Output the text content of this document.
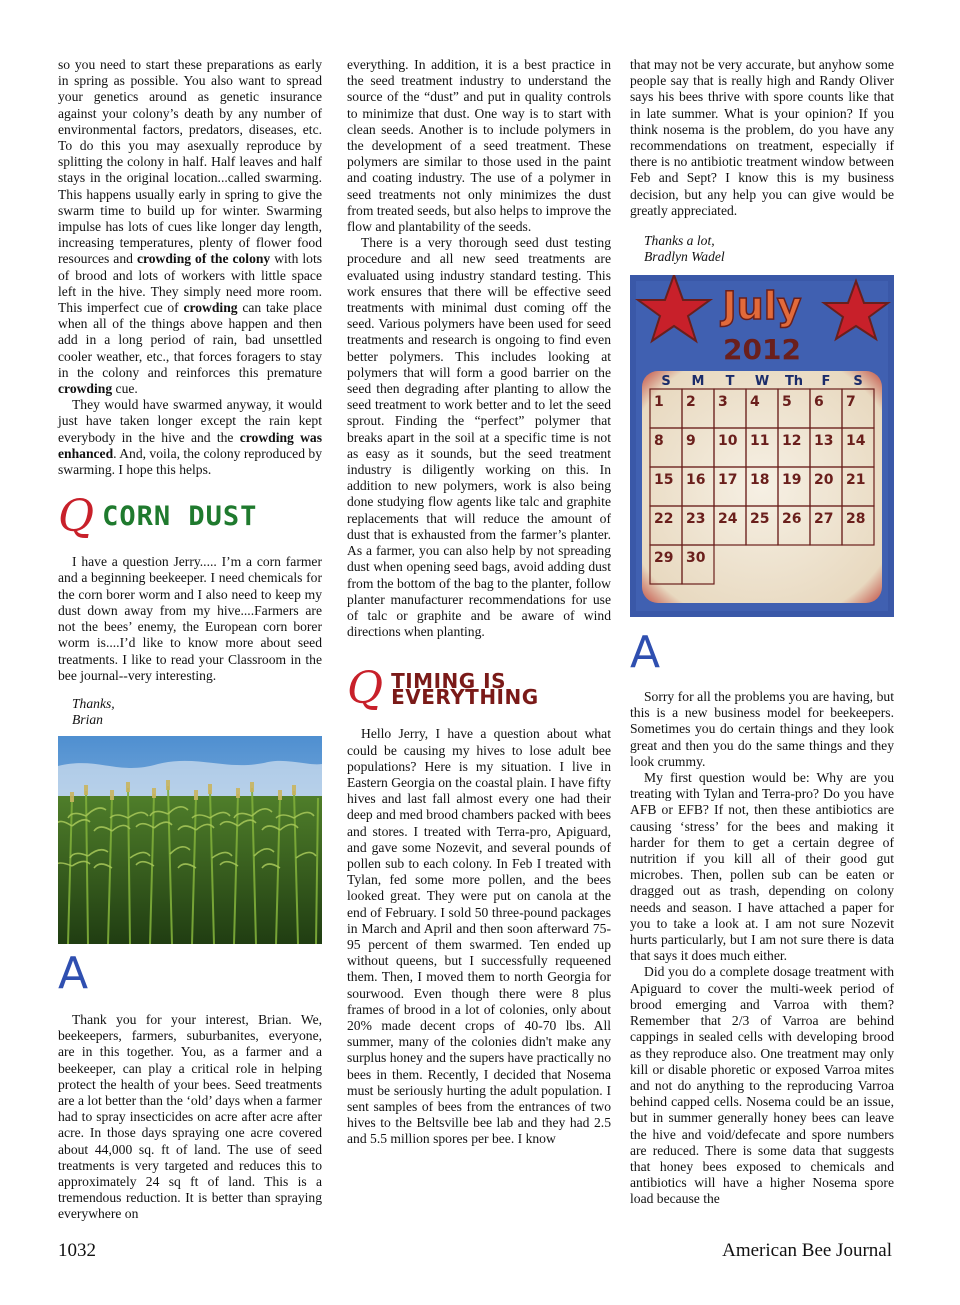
so you need to start these preparations as early in spring as possible. You also want to spread your genetics around as genetic insurance against your colony’s death by any number of environmental factors, predators, diseases, etc. To do this you may asexually reproduce by splitting the colony in half. Half leaves and half stays in the original location...called swarming. This happens usually early in spring to give the swarm time to build up for winter. Swarming impulse has lots of cues like longer day length, increasing temperatures, plenty of flower food resources and crowding of the colony with lots of brood and lots of workers with little space left in the hive. They simply need more room. This imperfect cue of crowding can take place when all of the things above happen and then add in a long period of rain, bad unsettled cooler weather, etc., that forces foragers to stay in the colony and reinforces this premature crowding cue.

They would have swarmed anyway, it would just have taken longer except the rain kept everybody in the hive and the crowding was enhanced. And, voila, the colony reproduced by swarming. I hope this helps.

Q CORN DUST

I have a question Jerry..... I’m a corn farmer and a beginning beekeeper. I need chemicals for the corn borer worm and I also need to keep my dust down away from my hive....Farmers are not the bees’ enemy, the European corn borer worm is....I’d like to know more about seed treatments. I like to read your Classroom in the bee journal--very interesting.

Thanks,

Brian

A

Thank you for your interest, Brian. We, beekeepers, farmers, suburbanites, everyone, are in this together. You, as a farmer and a beekeeper, can play a critical role in helping protect the health of your bees. Seed treatments are a lot better than the ‘old’ days when a farmer had to spray insecticides on acre after acre after acre. In those days spraying one acre covered about 44,000 sq. ft of land. The use of seed treatments is very targeted and reduces this to approximately 24 sq ft of land. This is a tremendous reduction. It is better than spraying everywhere on

everything. In addition, it is a best practice in the seed treatment industry to understand the source of the “dust” and put in quality controls to minimize that dust. One way is to start with clean seeds. Another is to include polymers in the development of a seed treatment. These polymers are similar to those used in the paint and coating industry. The use of a polymer in seed treatments not only minimizes the dust from treated seeds, but also helps to improve the flow and plantability of the seeds.

There is a very thorough seed dust testing procedure and all new seed treatments are evaluated using industry standard testing. This work ensures that there will be effective seed treatments with minimal dust coming off the seed. Various polymers have been used for seed treatments and research is ongoing to find even better polymers. This includes looking at polymers that will form a good barrier on the seed then degrading after planting to allow the seed treatment to work better and to let the seed sprout. Finding the “perfect” polymer that breaks apart in the soil at a specific time is not as easy as it sounds, but the seed treatment industry is diligently working on this. In addition to new polymers, work is also being done studying flow agents like talc and graphite replacements that will reduce the amount of dust that is exhausted from the farmer’s planter. As a farmer, you can also help by not spreading dust when opening seed bags, avoid adding dust from the bottom of the bag to the planter, follow planter manufacturer recommendations for use of talc or graphite and be aware of wind directions when planting.

Q TIMING IS EVERYTHING

Hello Jerry, I have a question about what could be causing my hives to lose adult bee populations? Here is my situation. I live in Eastern Georgia on the coastal plain. I have fifty hives and last fall almost every one had their deep and med brood chambers packed with bees and stores. I treated with Terra-pro, Apiguard, and gave some Nozevit, and several pounds of pollen sub to each colony. In Feb I treated with Tylan, fed some more pollen, and the bees looked great. They were put on canola at the end of February. I sold 50 three-pound packages in March and April and then soon afterward 75-95 percent of them swarmed. Ten ended up without queens, but I successfully requeened them. Then, I moved them to north Georgia for sourwood. Even though there were 8 plus frames of brood in a lot of colonies, only about 20% made decent crops of 40-70 lbs. All summer, many of the colonies didn't make any surplus honey and the supers have practically no bees in them. Recently, I decided that Nosema must be seriously hurting the adult population. I sent samples of bees from the entrances of two hives to the Beltsville bee lab and they had 2.5 and 5.5 million spores per bee. I know

that may not be very accurate, but anyhow some people say that is really high and Randy Oliver says his bees thrive with spore counts like that in late summer. What is your opinion? If you think nosema is the problem, do you have any recommendations on treatment, especially if there is no antibiotic treatment window between Feb and Sept? I know this is my business decision, but any help you can give would be greatly appreciated.

Thanks a lot,

Bradlyn Wadel

July
2012
S M T W Th F S
1 2 3 4 5 6 7
8 9 10 11 12 13 14
15 16 17 18 19 20 21
22 23 24 25 26 27 28
29 30
A

Sorry for all the problems you are having, but this is a new business model for beekeepers. Sometimes you do certain things and they look great and then you do the same things and they look crummy.

My first question would be: Why are you treating with Tylan and Terra-pro? Do you have AFB or EFB? If not, then these antibiotics are causing ‘stress’ for the bees and making it harder for them to get a certain degree of nutrition if you kill all of their good gut microbes. Then, pollen sub can be eaten or dragged out as trash, depending on colony needs and season. I have attached a paper for you to take a look at. I am not sure Nozevit hurts particularly, but I am not sure there is data that says it does much either.

Did you do a complete dosage treatment with Apiguard to cover the multi-week period of brood emerging and Varroa with them? Remember that 2/3 of Varroa are behind cappings in sealed cells with developing brood as they reproduce also. One treatment may only kill or disable phoretic or exposed Varroa mites and not do anything to the reproducing Varroa behind capped cells. Nosema could be an issue, but in summer generally honey bees can leave the hive and void/defecate and spore numbers are reduced. There is some data that suggests that honey bees exposed to chemicals and antibiotics will have a higher Nosema spore load because the

1032	American Bee Journal
